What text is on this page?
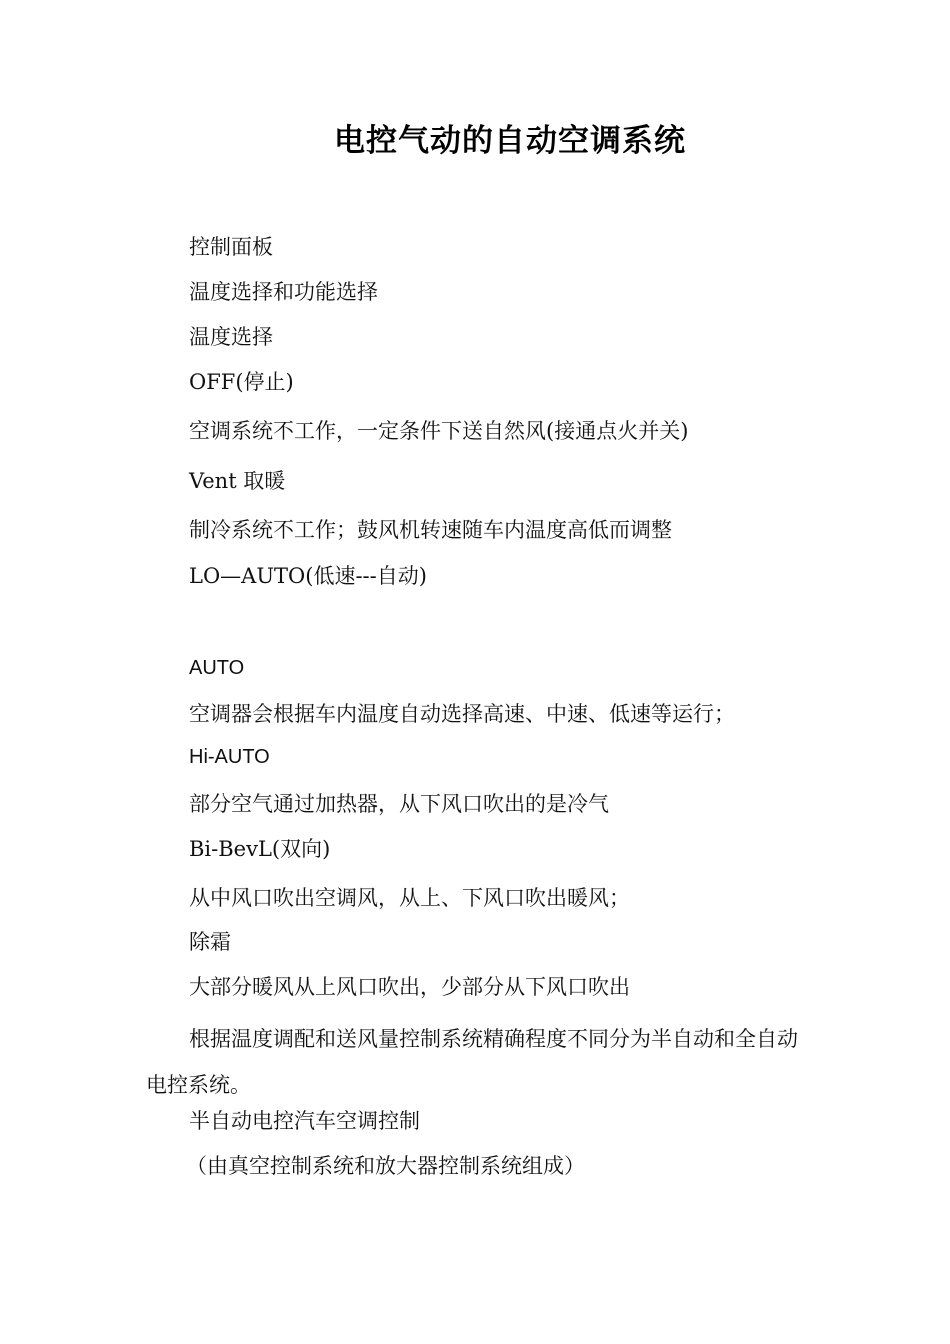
电控气动的自动空调系统
控制面板
温度选择和功能选择
温度选择
OFF(停止)
空调系统不工作，一定条件下送自然风(接通点火并关)
Vent 取暖
制冷系统不工作；鼓风机转速随车内温度高低而调整
LO—AUTO(低速---自动)
AUTO
空调器会根据车内温度自动选择高速、中速、低速等运行；
Hi-AUTO
部分空气通过加热器，从下风口吹出的是冷气
Bi-BevL(双向)
从中风口吹出空调风，从上、下风口吹出暖风；
除霜
大部分暖风从上风口吹出，少部分从下风口吹出
根据温度调配和送风量控制系统精确程度不同分为半自动和全自动电控系统。
半自动电控汽车空调控制
（由真空控制系统和放大器控制系统组成）
